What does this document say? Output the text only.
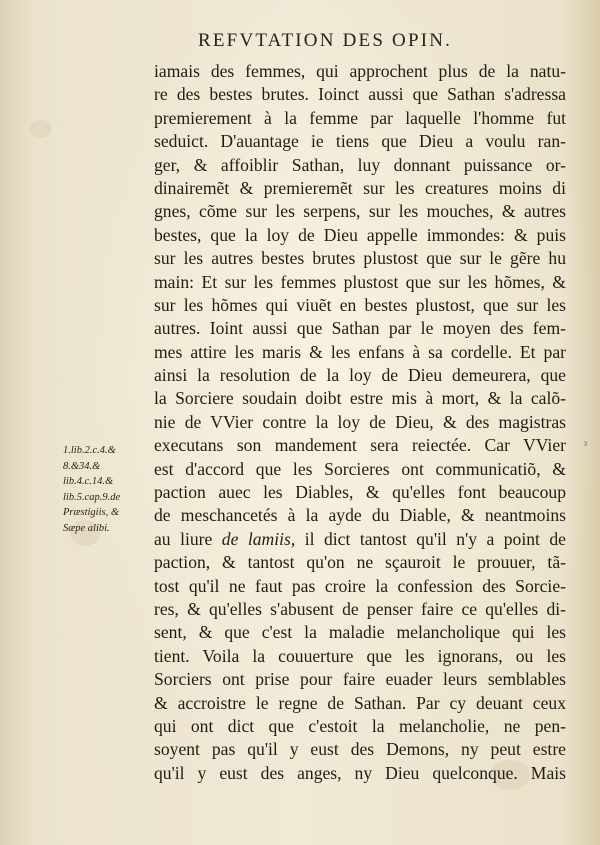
REFVTATION DES OPIN.
iamais des femmes, qui approchent plus de la natu-
re des bestes brutes. Ioinct aussi que Sathan s'adressa
premierement à la femme par laquelle l'homme fut
seduict. D'auantage ie tiens que Dieu a voulu ran-
ger, & affoiblir Sathan, luy donnant puissance or-
dinairemẽt & premieremẽt sur les creatures moins di
gnes, cõme sur les serpens, sur les mouches, & autres
bestes, que la loy de Dieu appelle immondes: & puis
sur les autres bestes brutes plustost que sur le gẽre hu
main: Et sur les femmes plustost que sur les hõmes, &
sur les hõmes qui viuẽt en bestes plustost, que sur les
autres. Ioint aussi que Sathan par le moyen des fem-
mes attire les maris & les enfans à sa cordelle. Et par
ainsi la resolution de la loy de Dieu demeurera, que
la Sorciere soudain doibt estre mis à mort, & la calõ-
nie de VVier contre la loy de Dieu, & des magistras
executans son mandement sera reiectée. Car VVier
est d'accord que les Sorcieres ont communicatiõ, &
paction auec les Diables, & qu'elles font beaucoup
de meschancetés à la ayde du Diable, & neantmoins
au liure de lamiis, il dict tantost qu'il n'y a point de
paction, & tantost qu'on ne sçauroit le prouuer, tã-
tost qu'il ne faut pas croire la confession des Sorcie-
res, & qu'elles s'abusent de penser faire ce qu'elles di-
sent, & que c'est la maladie melancholique qui les
tient. Voila la couuerture que les ignorans, ou les
Sorciers ont prise pour faire euader leurs semblables
& accroistre le regne de Sathan. Par cy deuant ceux
qui ont dict que c'estoit la melancholie, ne pen-
soyent pas qu'il y eust des Demons, ny peut estre
qu'il y eust des anges, ny Dieu quelconque. Mais
1.lib.2.c.4.&
8.&34.&
lib.4.c.14.&
lib.5.cap.9.de
Præstigiis, &
Sæpe alibi.
³
